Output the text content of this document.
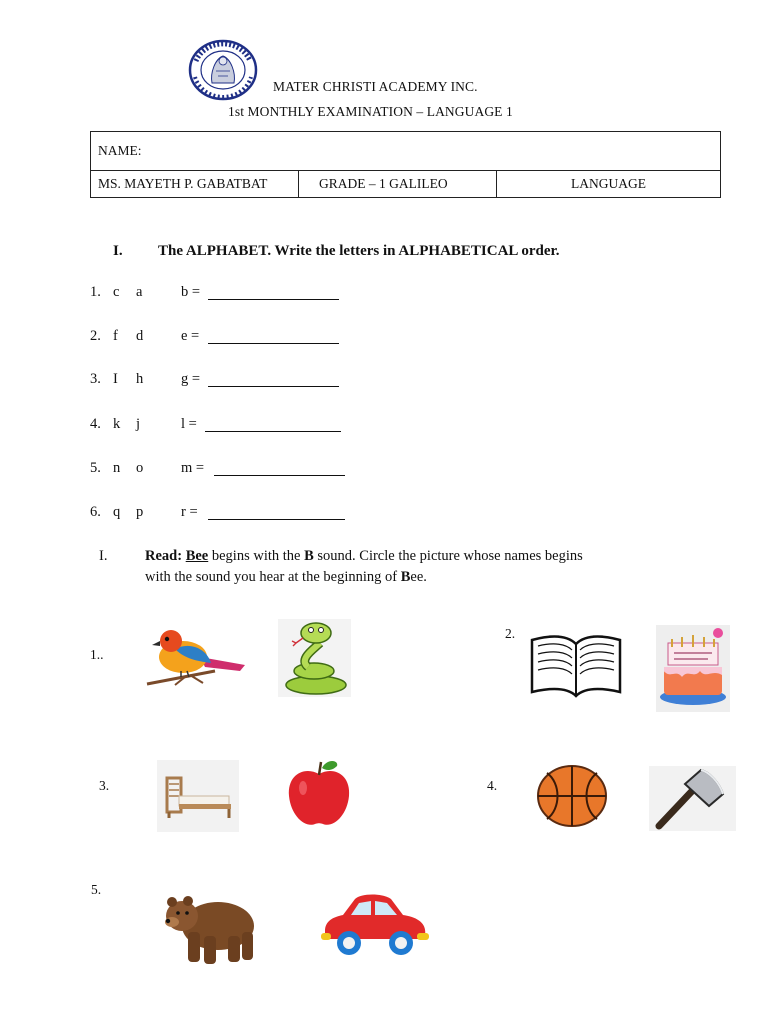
MATER CHRISTI ACADEMY INC.
1st MONTHLY EXAMINATION – LANGUAGE 1
NAME:
MS. MAYETH P. GABATBAT	GRADE – 1 GALILEO	LANGUAGE
I. The ALPHABET. Write the letters in ALPHABETICAL order.
1. c a	b =
2. f d	e =
3. I h	g =
4. k j	l =
5. n o	m =
6. q p	r =
I.	Read: Bee begins with the B sound. Circle the picture whose names begins
with the sound you hear at the beginning of Bee.
1..
2.
3.	4.
5.
